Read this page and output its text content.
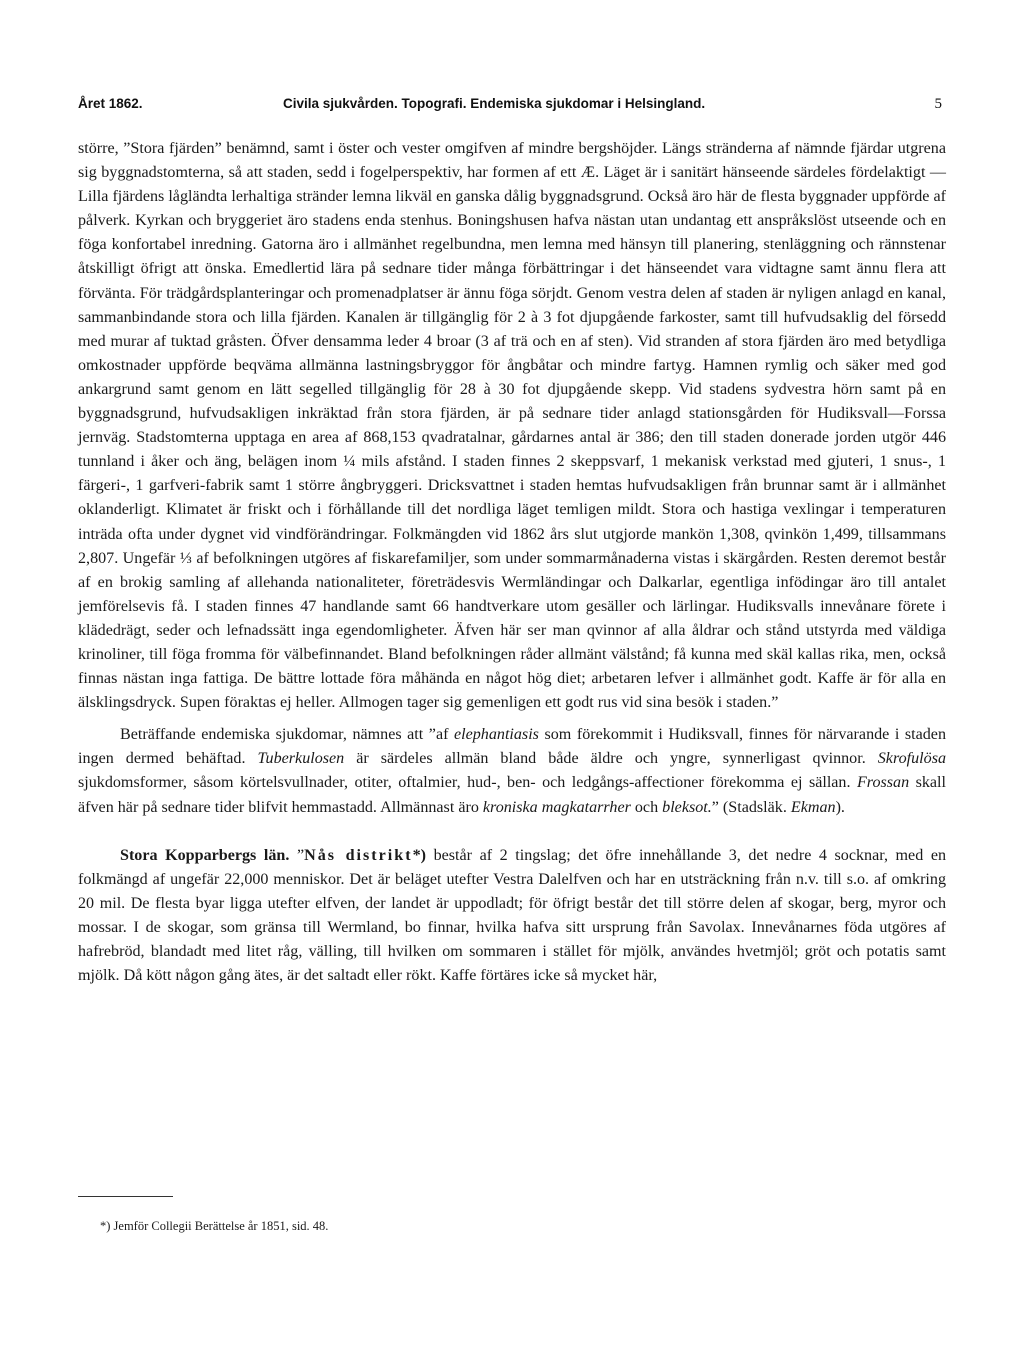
Året 1862.	Civila sjukvården. Topografi. Endemiska sjukdomar i Helsingland.	5

större, ”Stora fjärden” benämnd, samt i öster och vester omgifven af mindre bergshöjder. Längs stränderna af nämnde fjärdar utgrena sig byggnadstomterna, så att staden, sedd i fogelperspektiv, har formen af ett Æ. Läget är i sanitärt hänseende särdeles fördelaktigt — Lilla fjärdens lågländta lerhaltiga stränder lemna likväl en ganska dålig byggnadsgrund. Också äro här de flesta byggnader uppförde af pålverk. Kyrkan och bryggeriet äro stadens enda stenhus. Boningshusen hafva nästan utan undantag ett anspråkslöst utseende och en föga konfortabel inredning. Gatorna äro i allmänhet regelbundna, men lemna med hänsyn till planering, stenläggning och rännstenar åtskilligt öfrigt att önska. Emedlertid lära på sednare tider många förbättringar i det hänseendet vara vidtagne samt ännu flera att förvänta. För trädgårdsplanteringar och promenadplatser är ännu föga sörjdt. Genom vestra delen af staden är nyligen anlagd en kanal, sammanbindande stora och lilla fjärden. Kanalen är tillgänglig för 2 à 3 fot djupgående farkoster, samt till hufvudsaklig del försedd med murar af tuktad gråsten. Öfver densamma leder 4 broar (3 af trä och en af sten). Vid stranden af stora fjärden äro med betydliga omkostnader uppförde beqväma allmänna lastningsbryggor för ångbåtar och mindre fartyg. Hamnen rymlig och säker med god ankargrund samt genom en lätt segelled tillgänglig för 28 à 30 fot djupgående skepp. Vid stadens sydvestra hörn samt på en byggnadsgrund, hufvudsakligen inkräktad från stora fjärden, är på sednare tider anlagd stationsgården för Hudiksvall—Forssa jernväg. Stadstomterna upptaga en area af 868,153 qvadratalnar, gårdarnes antal är 386; den till staden donerade jorden utgör 446 tunnland i åker och äng, belägen inom ¼ mils afstånd. I staden finnes 2 skeppsvarf, 1 mekanisk verkstad med gjuteri, 1 snus-, 1 färgeri-, 1 garfveri-fabrik samt 1 större ångbryggeri. Dricksvattnet i staden hemtas hufvudsakligen från brunnar samt är i allmänhet oklanderligt. Klimatet är friskt och i förhållande till det nordliga läget temligen mildt. Stora och hastiga vexlingar i temperaturen inträda ofta under dygnet vid vindförändringar. Folkmängden vid 1862 års slut utgjorde mankön 1,308, qvinkön 1,499, tillsammans 2,807. Ungefär ⅓ af befolkningen utgöres af fiskarefamiljer, som under sommarmånaderna vistas i skärgården. Resten deremot består af en brokig samling af allehanda nationaliteter, företrädesvis Wermländingar och Dalkarlar, egentliga infödingar äro till antalet jemförelsevis få. I staden finnes 47 handlande samt 66 handtverkare utom gesäller och lärlingar. Hudiksvalls innevånare förete i klädedrägt, seder och lefnadssätt inga egendomligheter. Äfven här ser man qvinnor af alla åldrar och stånd utstyrda med väldiga krinoliner, till föga fromma för välbefinnandet. Bland befolkningen råder allmänt välstånd; få kunna med skäl kallas rika, men, också finnas nästan inga fattiga. De bättre lottade föra måhända en något hög diet; arbetaren lefver i allmänhet godt. Kaffe är för alla en älsklingsdryck. Supen föraktas ej heller. Allmogen tager sig gemenligen ett godt rus vid sina besök i staden.”

Beträffande endemiska sjukdomar, nämnes att ”af elephantiasis som förekommit i Hudiksvall, finnes för närvarande i staden ingen dermed behäftad. Tuberkulosen är särdeles allmän bland både äldre och yngre, synnerligast qvinnor. Skrofulösa sjukdomsformer, såsom körtelsvullnader, otiter, oftalmier, hud-, ben- och ledgångs-affectioner förekomma ej sällan. Frossan skall äfven här på sednare tider blifvit hemmastadd. Allmännast äro kroniska magkatarrher och bleksot.” (Stadsläk. Ekman).

Stora Kopparbergs län. ”Nås distrikt*) består af 2 tingslag; det öfre innehållande 3, det nedre 4 socknar, med en folkmängd af ungefär 22,000 menniskor. Det är beläget utefter Vestra Dalelfven och har en utsträckning från n.v. till s.o. af omkring 20 mil. De flesta byar ligga utefter elfven, der landet är uppodladt; för öfrigt består det till större delen af skogar, berg, myror och mossar. I de skogar, som gränsa till Wermland, bo finnar, hvilka hafva sitt ursprung från Savolax. Innevånarnes föda utgöres af hafrebröd, blandadt med litet råg, välling, till hvilken om sommaren i stället för mjölk, användes hvetmjöl; gröt och potatis samt mjölk. Då kött någon gång ätes, är det saltadt eller rökt. Kaffe förtäres icke så mycket här,

*) Jemför Collegii Berättelse år 1851, sid. 48.
